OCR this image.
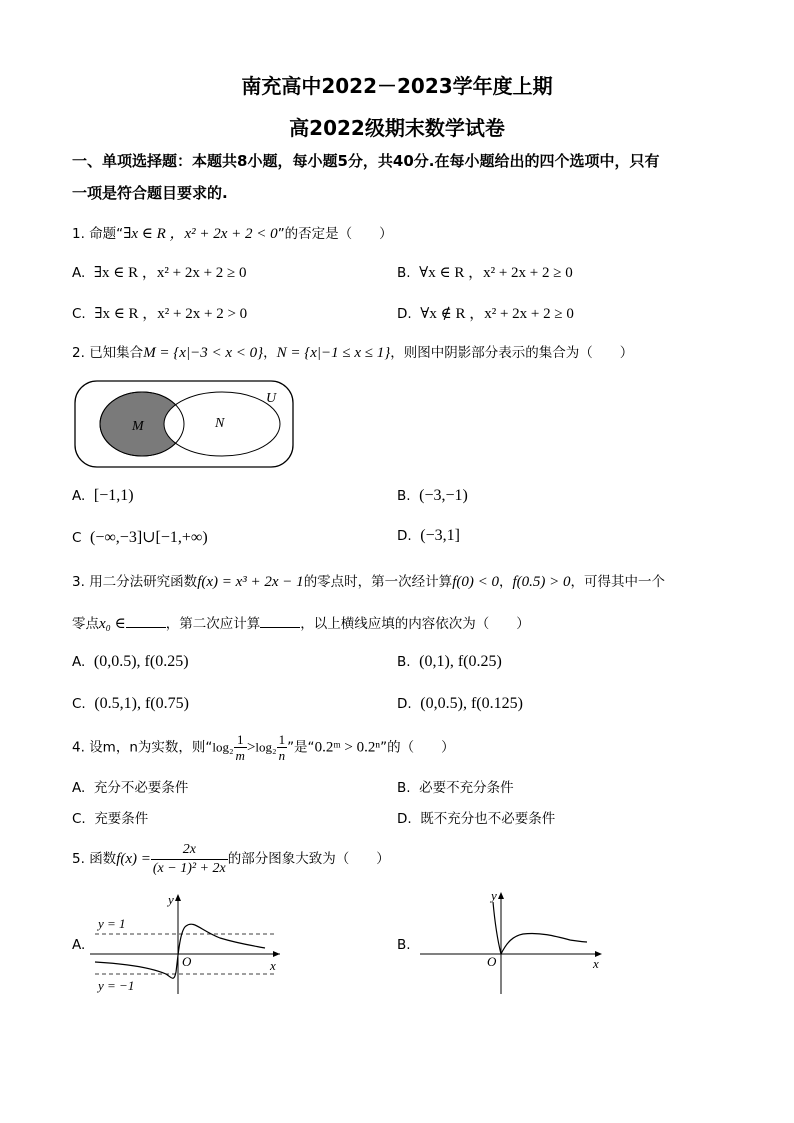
南充高中2022－2023学年度上期
高2022级期末数学试卷
一、单项选择题：本题共8小题，每小题5分，共40分.在每小题给出的四个选项中，只有
一项是符合题目要求的.
1. 命题“∃x ∈ R ，x² + 2x + 2 < 0”的否定是（　　）
A. ∃x ∈ R ，x² + 2x + 2 ≥ 0	B. ∀x ∈ R ，x² + 2x + 2 ≥ 0
C. ∃x ∈ R ，x² + 2x + 2 > 0	D. ∀x ∉ R ，x² + 2x + 2 ≥ 0
2. 已知集合M = {x|−3 < x < 0}，N = {x|−1 ≤ x ≤ 1}，则图中阴影部分表示的集合为（　　）
M	N
U
A. [−1,1)	B. (−3,−1)
C (−∞,−3]∪[−1,+∞)	D. (−3,1]
3. 用二分法研究函数f(x) = x³ + 2x − 1的零点时，第一次经计算f(0) < 0，f(0.5) > 0，可得其中一个
零点x₀ ∈	，第二次应计算	，以上横线应填的内容依次为（　　）
A. (0,0.5), f(0.25)	B. (0,1), f(0.25)
C. (0.5,1), f(0.75)	D. (0,0.5), f(0.125)
4. 设m，n为实数，则“$\log_2 \frac{1}{m} >\log_2 \frac{1}{n}$ ”是“0.2ᵐ > 0.2ⁿ”的（　　）
A. 充分不必要条件	B. 必要不充分条件
C. 充要条件	D. 既不充分也不必要条件
5. 函数$f(x) = \frac{2x}{\text{(x − 1)² + 2x}}$ 的部分图象大致为（　　）
A.
y = 1
y = −1
O	x
y
B.
O	x
y
